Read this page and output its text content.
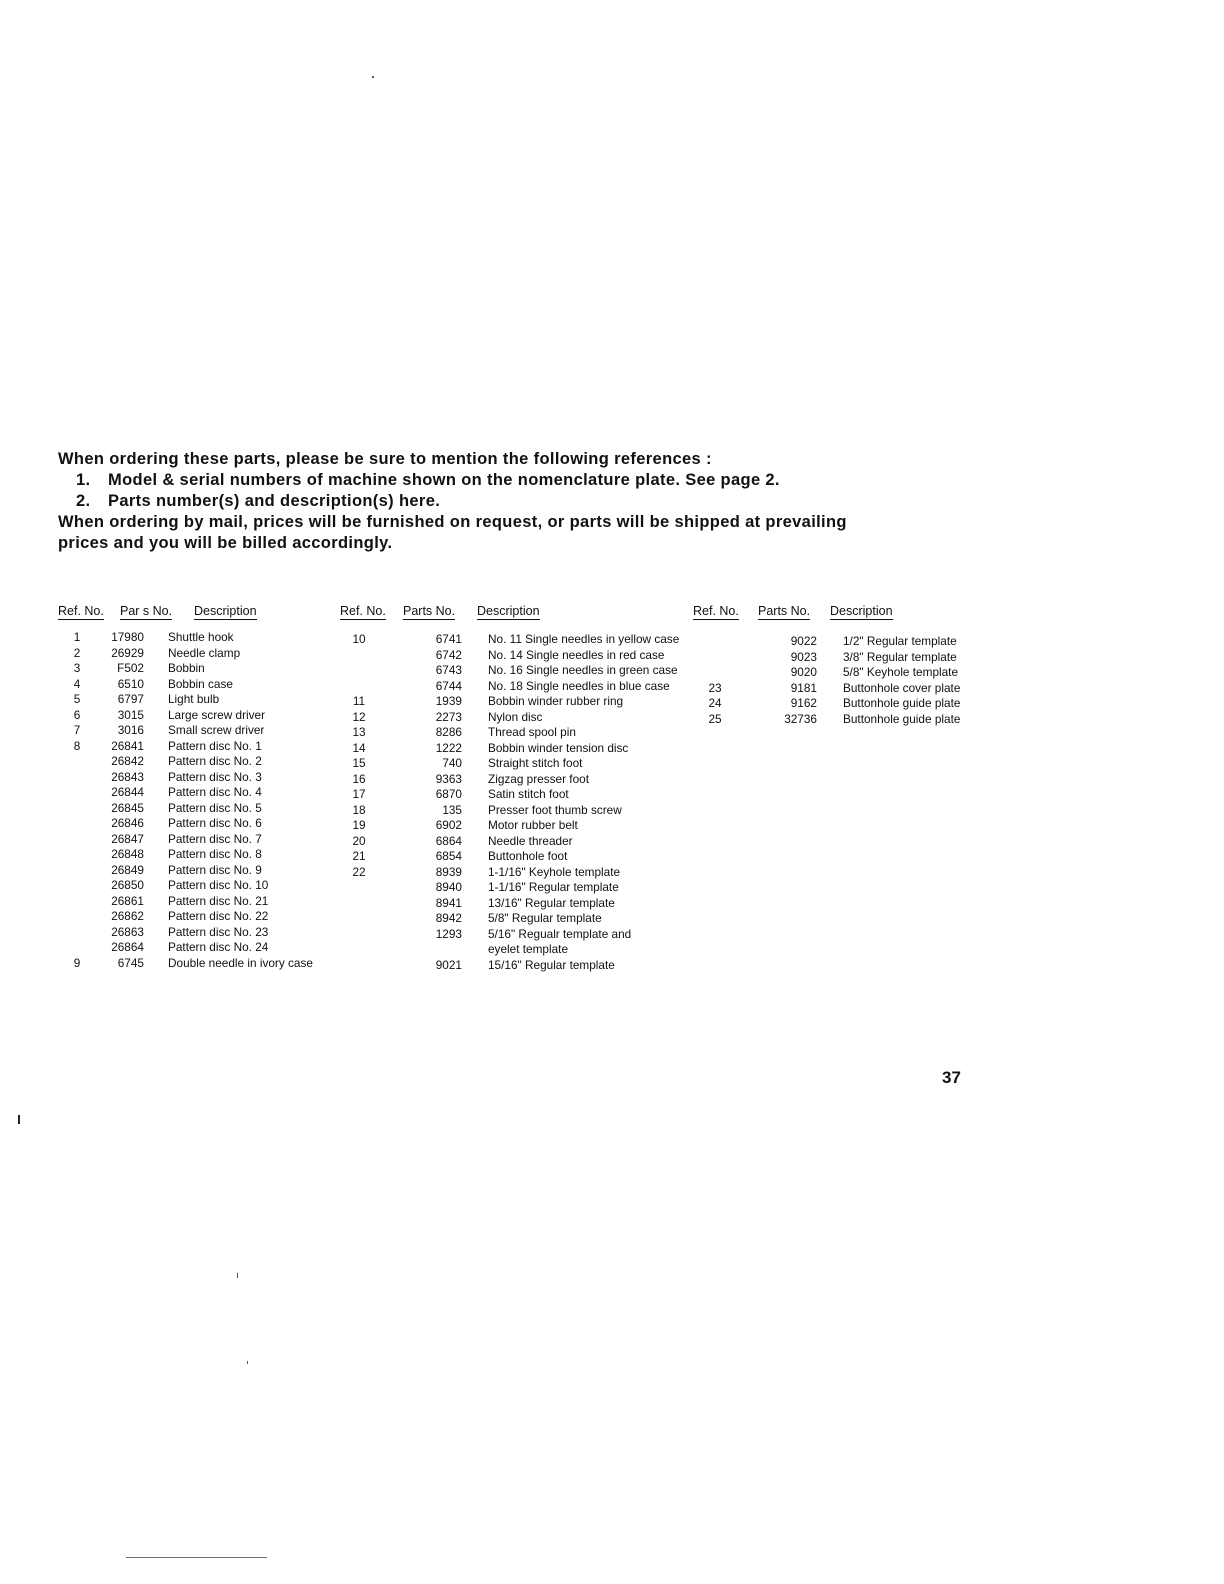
When ordering these parts, please be sure to mention the following references :

1. Model & serial numbers of machine shown on the nomenclature plate. See page 2.

2. Parts number(s) and description(s) here.

When ordering by mail, prices will be furnished on request, or parts will be shipped at prevailing

prices and you will be billed accordingly.

Ref. No. Par s No. Description	Ref. No. Parts No. Description	Ref. No. Parts No. Description
1	17980	Shuttle hook
2	26929	Needle clamp
3	F502	Bobbin
4	6510	Bobbin case
5	6797	Light bulb
6	3015	Large screw driver
7	3016	Small screw driver
8	26841	Pattern disc No. 1
	26842	Pattern disc No. 2
	26843	Pattern disc No. 3
	26844	Pattern disc No. 4
	26845	Pattern disc No. 5
	26846	Pattern disc No. 6
	26847	Pattern disc No. 7
	26848	Pattern disc No. 8
	26849	Pattern disc No. 9
	26850	Pattern disc No. 10
	26861	Pattern disc No. 21
	26862	Pattern disc No. 22
	26863	Pattern disc No. 23
	26864	Pattern disc No. 24
9	6745	Double needle in ivory case
10	6741	No. 11 Single needles in yellow case
	6742	No. 14 Single needles in red case
	6743	No. 16 Single needles in green case
	6744	No. 18 Single needles in blue case
11	1939	Bobbin winder rubber ring
12	2273	Nylon disc
13	8286	Thread spool pin
14	1222	Bobbin winder tension disc
15	740	Straight stitch foot
16	9363	Zigzag presser foot
17	6870	Satin stitch foot
18	135	Presser foot thumb screw
19	6902	Motor rubber belt
20	6864	Needle threader
21	6854	Buttonhole foot
22	8939	1-1/16" Keyhole template
	8940	1-1/16" Regular template
	8941	13/16" Regular template
	8942	5/8" Regular template
	1293	5/16" Regualr template and
		eyelet template
	9021	15/16" Regular template
	9022	1/2" Regular template
	9023	3/8" Regular template
	9020	5/8" Keyhole template
23	9181	Buttonhole cover plate
24	9162	Buttonhole guide plate
25	32736	Buttonhole guide plate
37
